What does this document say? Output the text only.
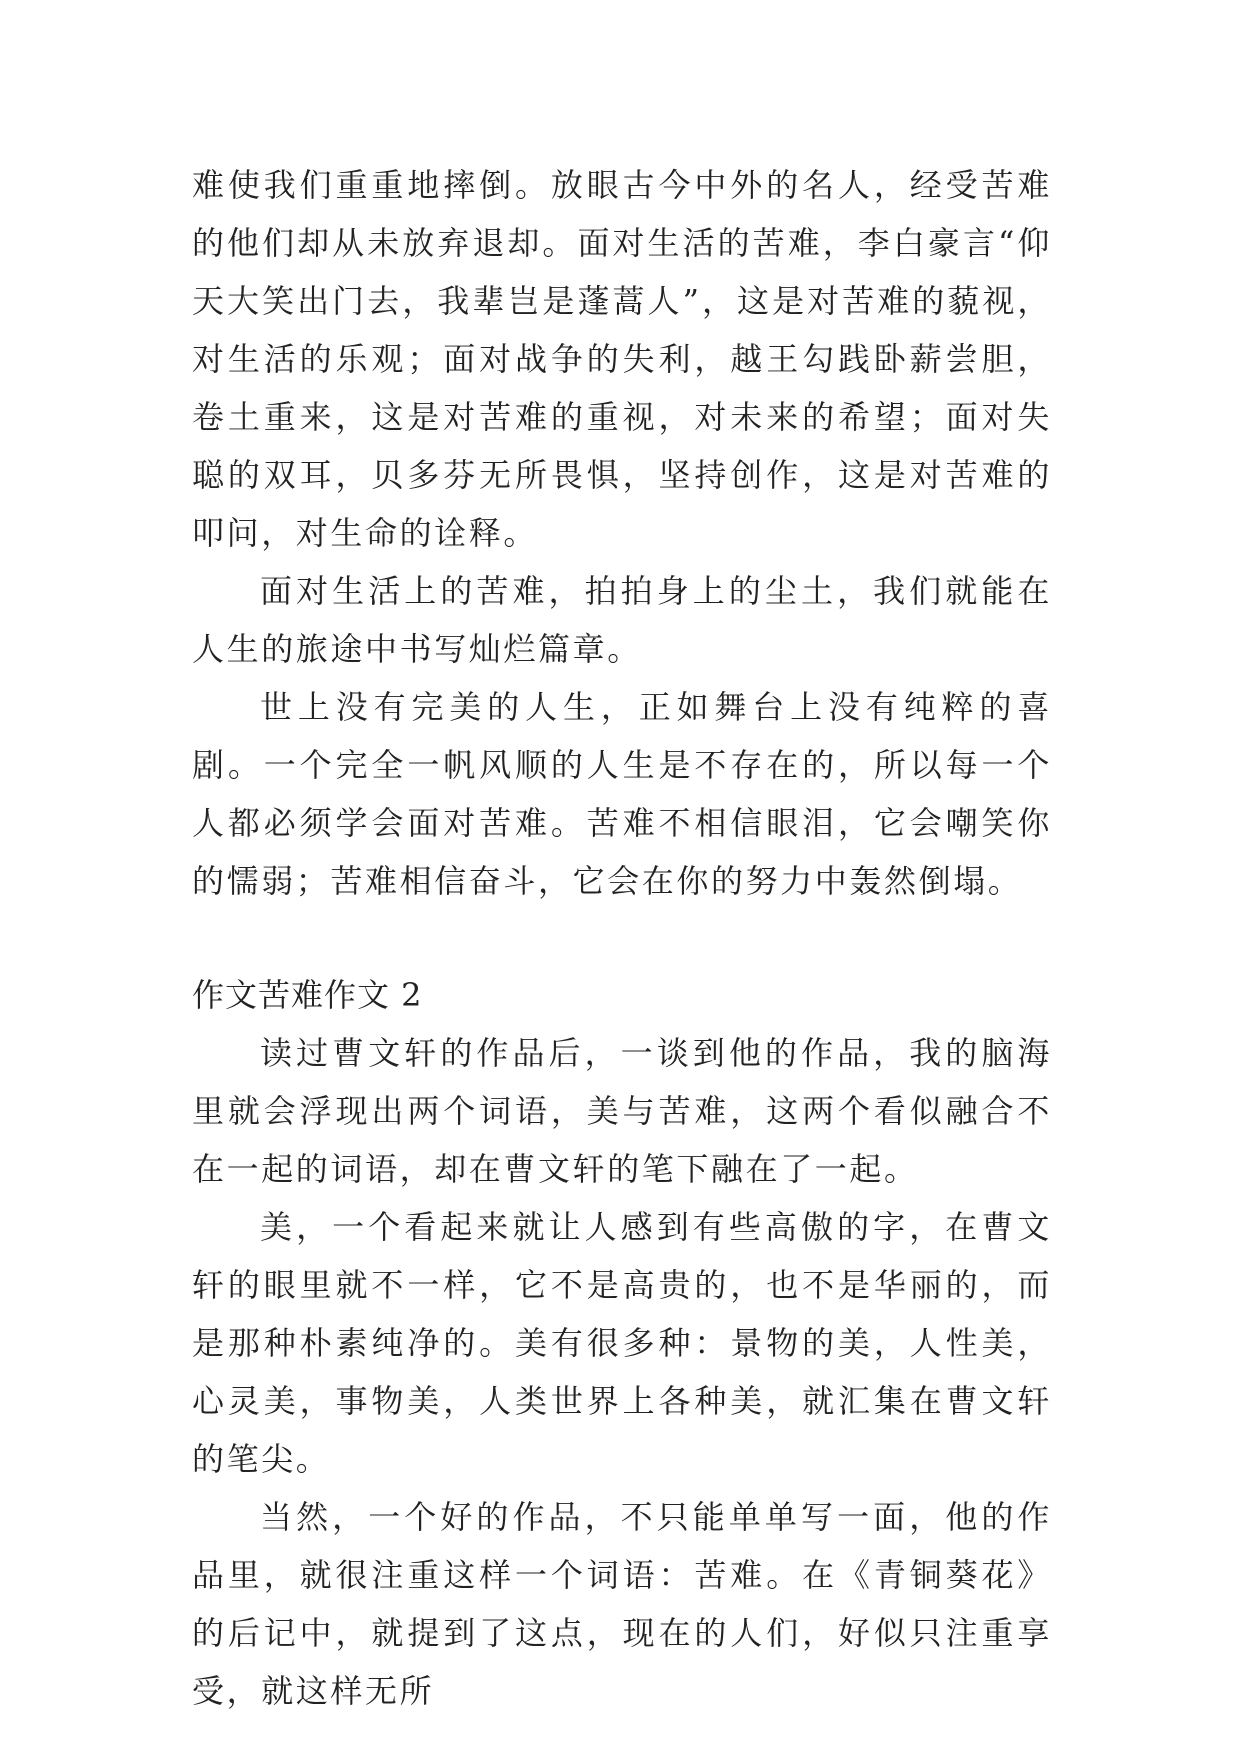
难使我们重重地摔倒。放眼古今中外的名人，经受苦难的他们却从未放弃退却。面对生活的苦难，李白豪言“仰天大笑出门去，我辈岂是蓬蒿人”，这是对苦难的藐视，对生活的乐观；面对战争的失利，越王勾践卧薪尝胆，卷土重来，这是对苦难的重视，对未来的希望；面对失聪的双耳，贝多芬无所畏惧，坚持创作，这是对苦难的叩问，对生命的诠释。

面对生活上的苦难，拍拍身上的尘土，我们就能在人生的旅途中书写灿烂篇章。

世上没有完美的人生，正如舞台上没有纯粹的喜剧。一个完全一帆风顺的人生是不存在的，所以每一个人都必须学会面对苦难。苦难不相信眼泪，它会嘲笑你的懦弱；苦难相信奋斗，它会在你的努力中轰然倒塌。

作文苦难作文 2

读过曹文轩的作品后，一谈到他的作品，我的脑海里就会浮现出两个词语，美与苦难，这两个看似融合不在一起的词语，却在曹文轩的笔下融在了一起。

美，一个看起来就让人感到有些高傲的字，在曹文轩的眼里就不一样，它不是高贵的，也不是华丽的，而是那种朴素纯净的。美有很多种：景物的美，人性美，心灵美，事物美，人类世界上各种美，就汇集在曹文轩的笔尖。

当然，一个好的作品，不只能单单写一面，他的作品里，就很注重这样一个词语：苦难。在《青铜葵花》的后记中，就提到了这点，现在的人们，好似只注重享受，就这样无所
